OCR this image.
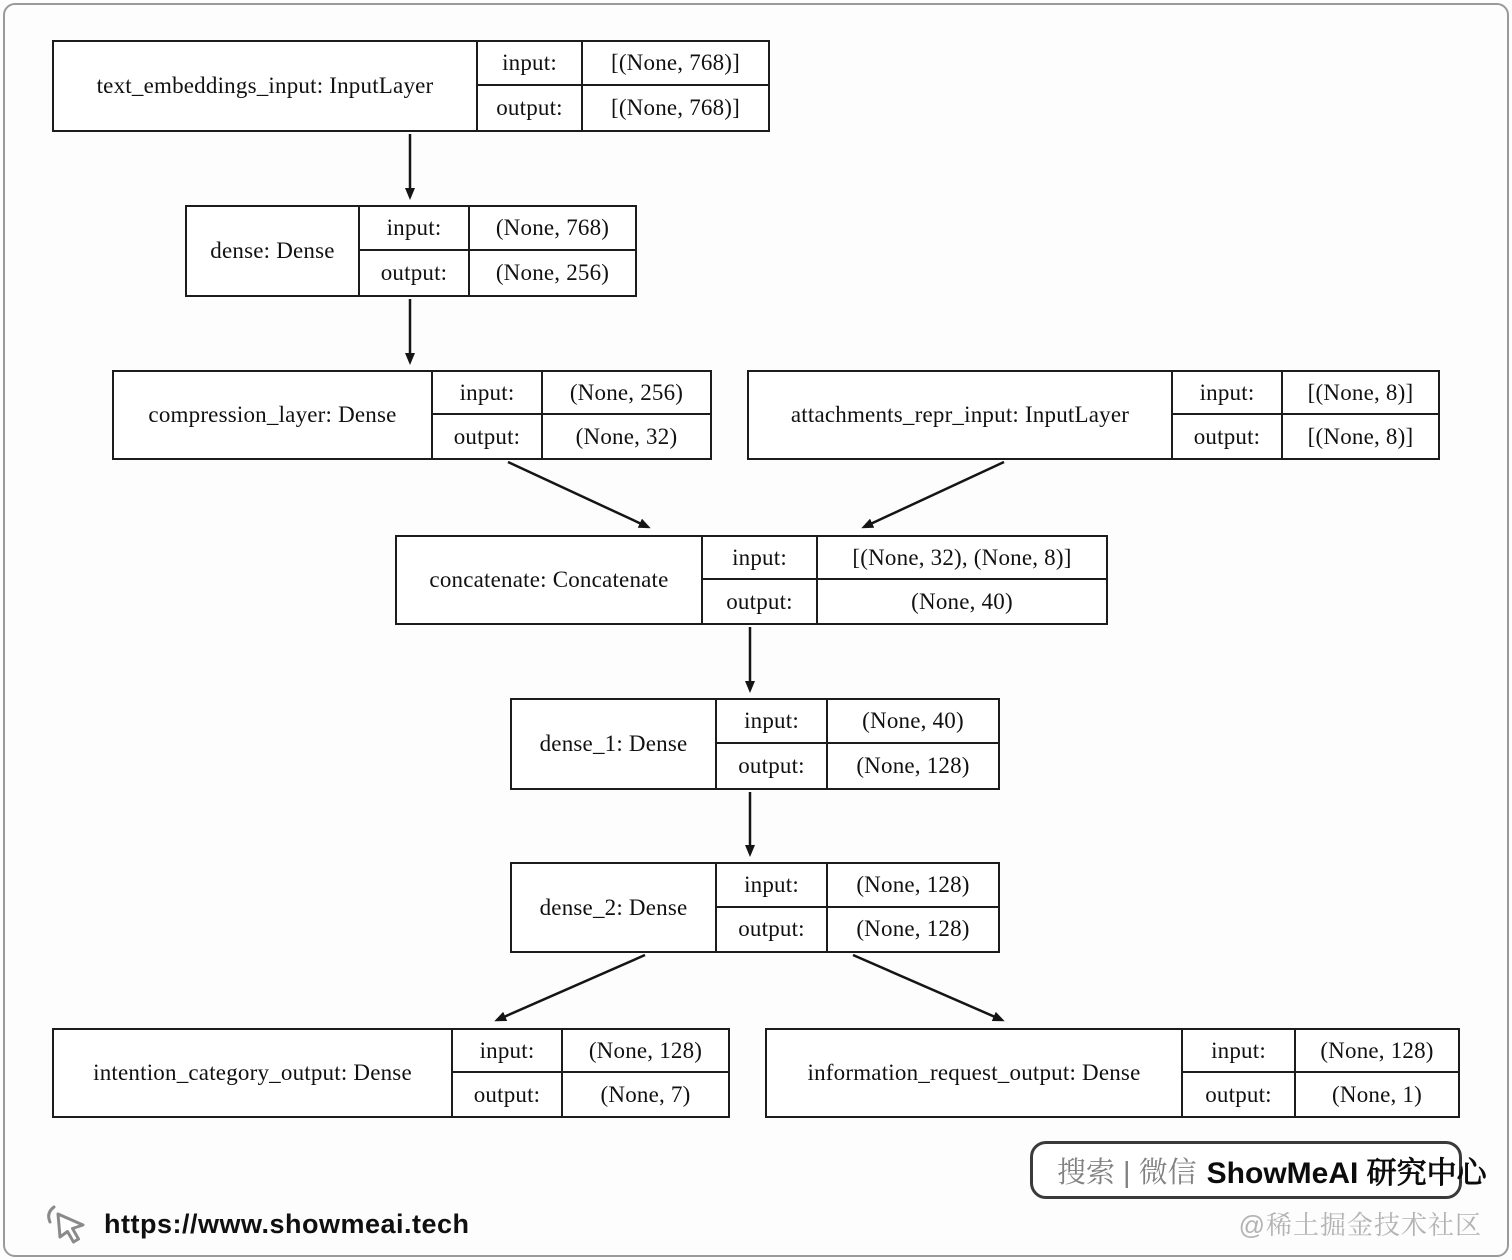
text_embeddings_input: InputLayer
input:	[(None, 768)]
output:	[(None, 768)]
dense: Dense
input:	(None, 768)
output:	(None, 256)
compression_layer: Dense
input:	(None, 256)
output:	(None, 32)
attachments_repr_input: InputLayer
input:	[(None, 8)]
output:	[(None, 8)]
concatenate: Concatenate
input:	[(None, 32), (None, 8)]
output:	(None, 40)
dense_1: Dense
input:	(None, 40)
output:	(None, 128)
dense_2: Dense
input:	(None, 128)
output:	(None, 128)
intention_category_output: Dense
input:	(None, 128)
output:	(None, 7)
information_request_output: Dense
input:	(None, 128)
output:	(None, 1)
搜索 | 微信 ShowMeAI 研究中心
@稀土掘金技术社区
https://www.showmeai.tech
